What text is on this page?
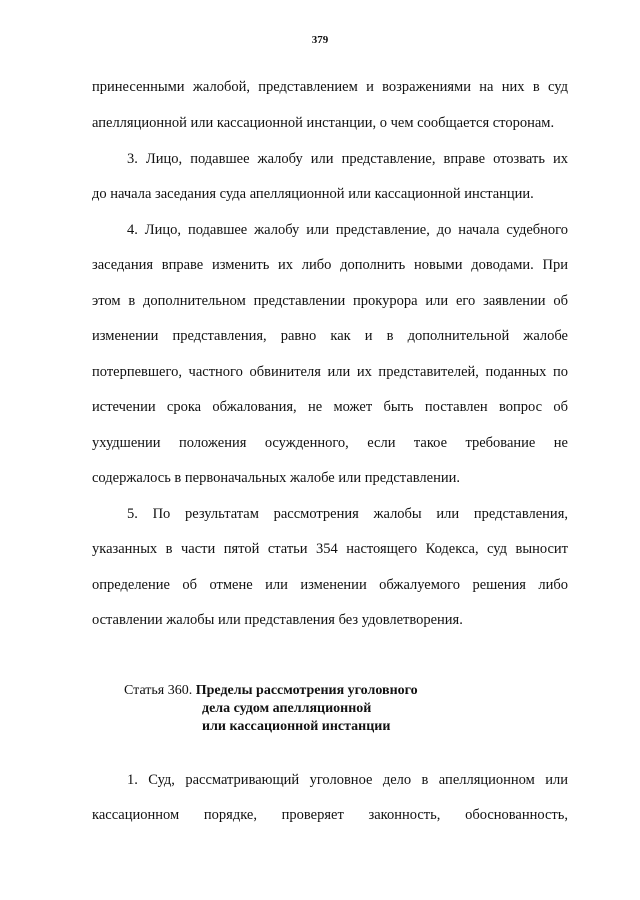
379
принесенными жалобой, представлением и возражениями на них в суд
апелляционной или кассационной инстанции, о чем сообщается сторонам.
3. Лицо, подавшее жалобу или представление, вправе отозвать их
до начала заседания суда апелляционной или кассационной инстанции.
4. Лицо, подавшее жалобу или представление, до начала судебного
заседания вправе изменить их либо дополнить новыми доводами. При
этом в дополнительном представлении прокурора или его заявлении об
изменении представления, равно как и в дополнительной жалобе
потерпевшего, частного обвинителя или их представителей, поданных по
истечении срока обжалования, не может быть поставлен вопрос об
ухудшении положения осужденного, если такое требование не
содержалось в первоначальных жалобе или представлении.
5. По результатам рассмотрения жалобы или представления,
указанных в части пятой статьи 354 настоящего Кодекса, суд выносит
определение об отмене или изменении обжалуемого решения либо
оставлении жалобы или представления без удовлетворения.
Статья 360. Пределы рассмотрения уголовного
дела судом апелляционной
или кассационной инстанции
1. Суд, рассматривающий уголовное дело в апелляционном или
кассационном порядке, проверяет законность, обоснованность,
